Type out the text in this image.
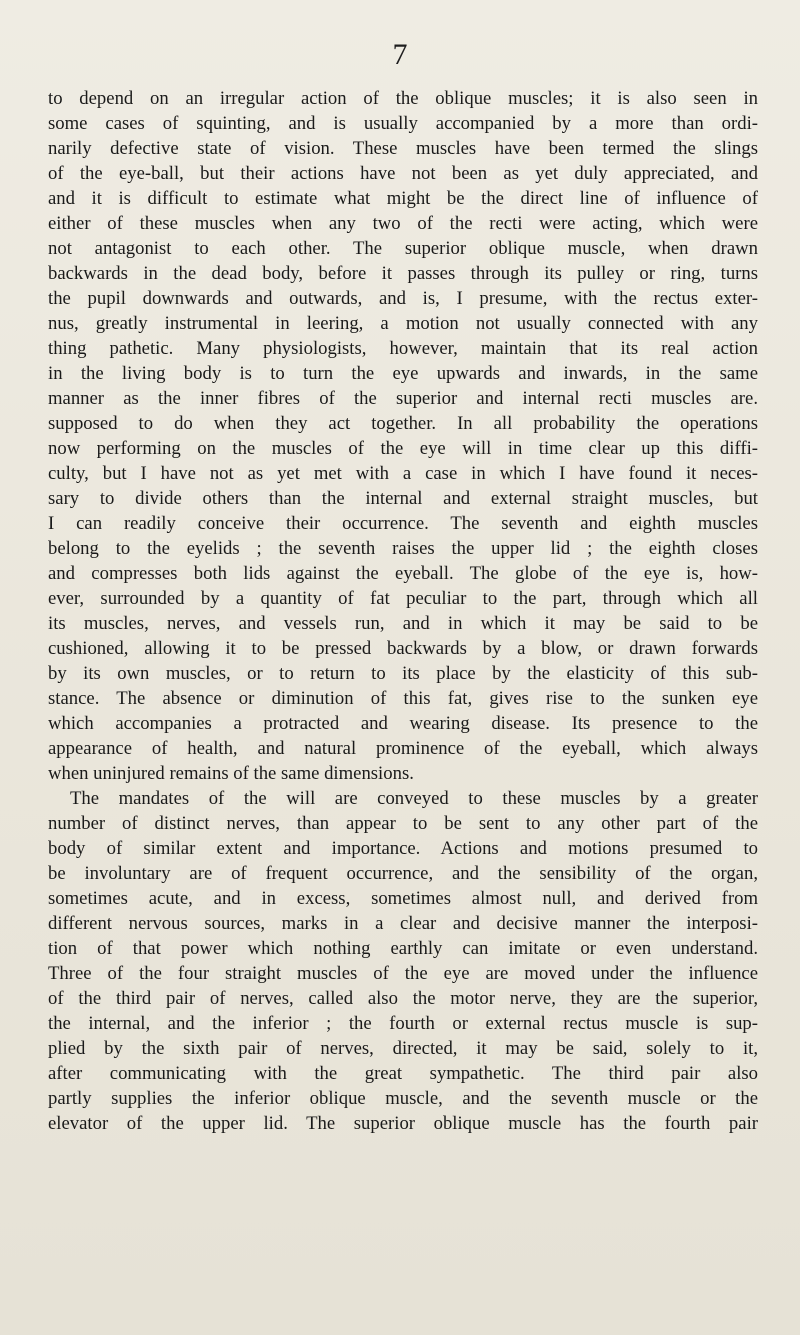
7
to depend on an irregular action of the oblique muscles; it is also seen in
some cases of squinting, and is usually accompanied by a more than ordi-
narily defective state of vision. These muscles have been termed the slings
of the eye-ball, but their actions have not been as yet duly appreciated, and
and it is difficult to estimate what might be the direct line of influence of
either of these muscles when any two of the recti were acting, which were
not antagonist to each other. The superior oblique muscle, when drawn
backwards in the dead body, before it passes through its pulley or ring, turns
the pupil downwards and outwards, and is, I presume, with the rectus exter-
nus, greatly instrumental in leering, a motion not usually connected with any
thing pathetic. Many physiologists, however, maintain that its real action
in the living body is to turn the eye upwards and inwards, in the same
manner as the inner fibres of the superior and internal recti muscles are.
supposed to do when they act together. In all probability the operations
now performing on the muscles of the eye will in time clear up this diffi-
culty, but I have not as yet met with a case in which I have found it neces-
sary to divide others than the internal and external straight muscles, but
I can readily conceive their occurrence. The seventh and eighth muscles
belong to the eyelids ; the seventh raises the upper lid ; the eighth closes
and compresses both lids against the eyeball. The globe of the eye is, how-
ever, surrounded by a quantity of fat peculiar to the part, through which all
its muscles, nerves, and vessels run, and in which it may be said to be
cushioned, allowing it to be pressed backwards by a blow, or drawn forwards
by its own muscles, or to return to its place by the elasticity of this sub-
stance. The absence or diminution of this fat, gives rise to the sunken eye
which accompanies a protracted and wearing disease. Its presence to the
appearance of health, and natural prominence of the eyeball, which always
when uninjured remains of the same dimensions.
The mandates of the will are conveyed to these muscles by a greater
number of distinct nerves, than appear to be sent to any other part of the
body of similar extent and importance. Actions and motions presumed to
be involuntary are of frequent occurrence, and the sensibility of the organ,
sometimes acute, and in excess, sometimes almost null, and derived from
different nervous sources, marks in a clear and decisive manner the interposi-
tion of that power which nothing earthly can imitate or even understand.
Three of the four straight muscles of the eye are moved under the influence
of the third pair of nerves, called also the motor nerve, they are the superior,
the internal, and the inferior ; the fourth or external rectus muscle is sup-
plied by the sixth pair of nerves, directed, it may be said, solely to it,
after communicating with the great sympathetic. The third pair also
partly supplies the inferior oblique muscle, and the seventh muscle or the
elevator of the upper lid. The superior oblique muscle has the fourth pair
